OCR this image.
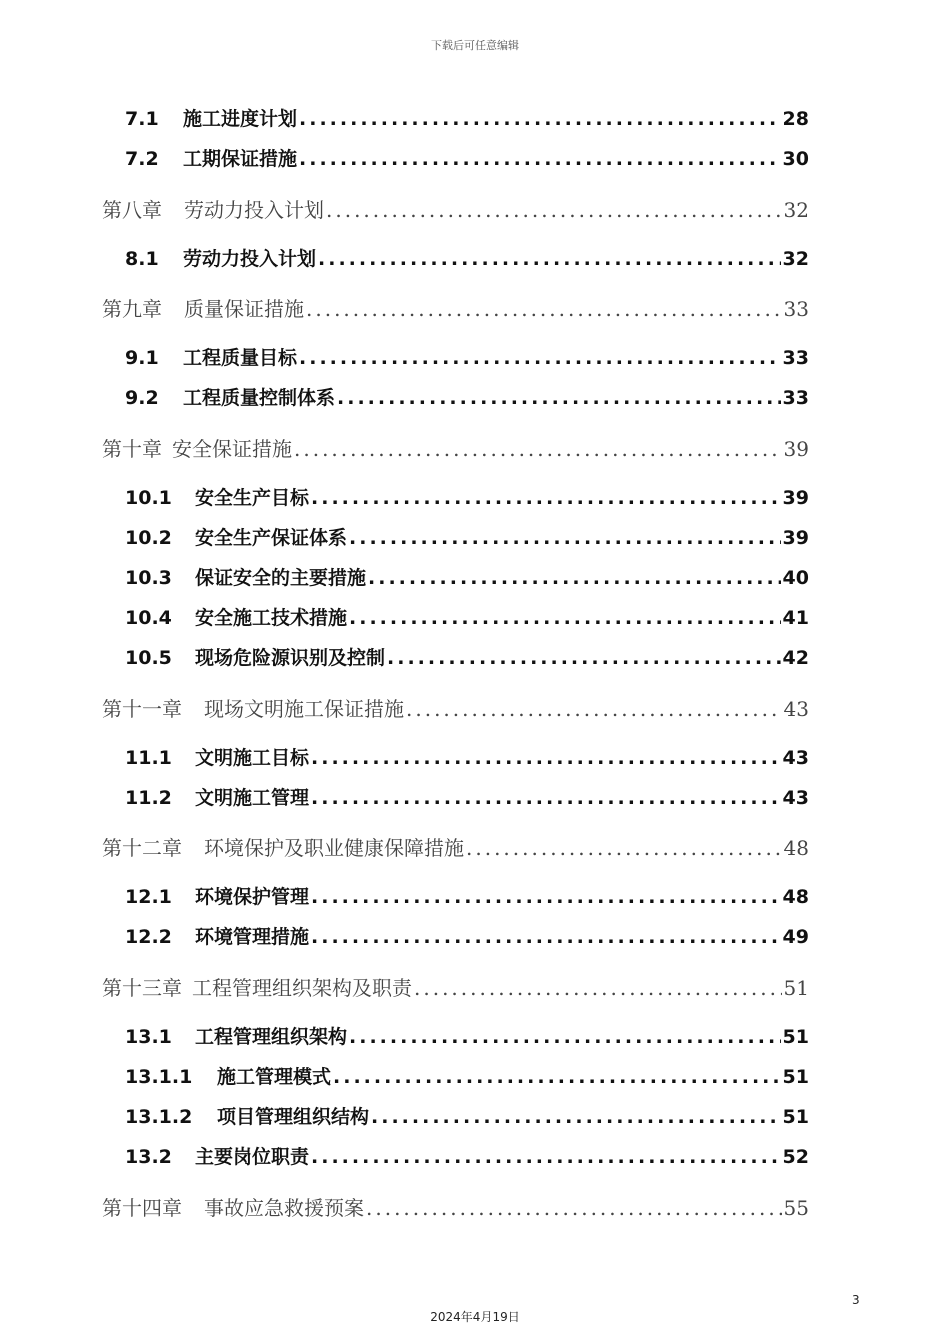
下载后可任意编辑
7.1	施工进度计划 .....	28
7.2	工期保证措施 .....	30
第八章 劳动力投入计划 .....	32
8.1	劳动力投入计划 .....	32
第九章 质量保证措施 .....	33
9.1	工程质量目标 .....	33
9.2	工程质量控制体系 .....	33
第十章 安全保证措施 .....	39
10.1	安全生产目标 .....	39
10.2	安全生产保证体系 .....	39
10.3	保证安全的主要措施 .....	40
10.4	安全施工技术措施 .....	41
10.5	现场危险源识别及控制 .....	42
第十一章 现场文明施工保证措施 .....	43
11.1	文明施工目标 .....	43
11.2	文明施工管理 .....	43
第十二章 环境保护及职业健康保障措施 .....	48
12.1	环境保护管理 .....	48
12.2	环境管理措施 .....	49
第十三章 工程管理组织架构及职责 .....	51
13.1	工程管理组织架构 .....	51
13.1.1	施工管理模式 .....	51
13.1.2	项目管理组织结构 .....	51
13.2	主要岗位职责 .....	52
第十四章 事故应急救援预案 .....	55
3
2024年4月19日
